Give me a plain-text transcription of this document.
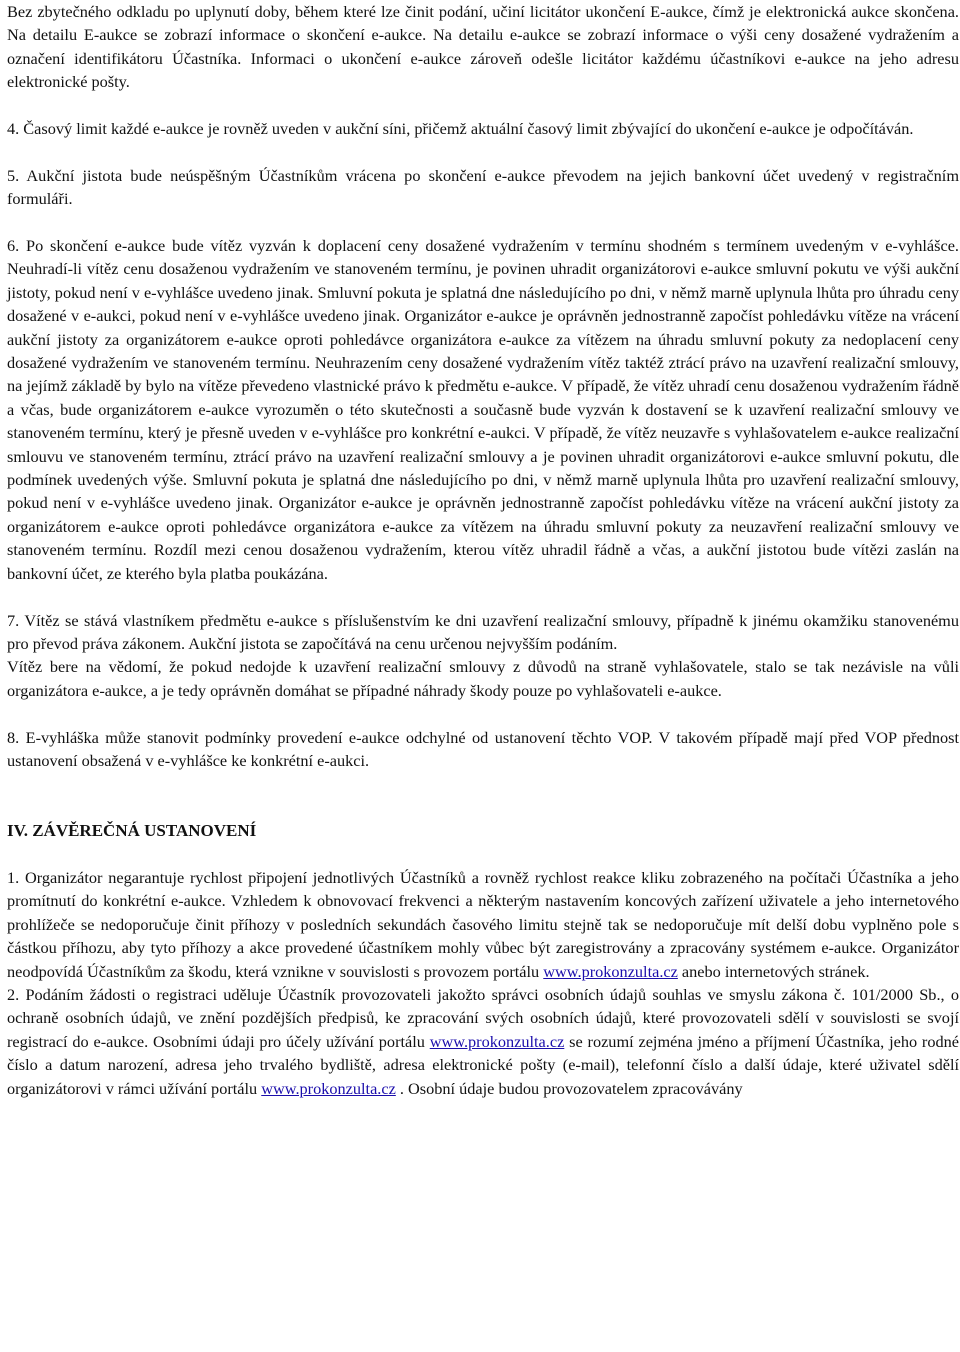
Bez zbytečného odkladu po uplynutí doby, během které lze činit podání, učiní licitátor ukončení E-aukce, čímž je elektronická aukce skončena. Na detailu E-aukce se zobrazí informace o skončení e-aukce. Na detailu e-aukce se zobrazí informace o výši ceny dosažené vydražením a označení identifikátoru Účastníka. Informaci o ukončení e-aukce zároveň odešle licitátor každému účastníkovi e-aukce na jeho adresu elektronické pošty.

4. Časový limit každé e-aukce je rovněž uveden v aukční síni, přičemž aktuální časový limit zbývající do ukončení e-aukce je odpočítáván.

5. Aukční jistota bude neúspěšným Účastníkům vrácena po skončení e-aukce převodem na jejich bankovní účet uvedený v registračním formuláři.

6. Po skončení e-aukce bude vítěz vyzván k doplacení ceny dosažené vydražením v termínu shodném s termínem uvedeným v e-vyhlášce. Neuhradí-li vítěz cenu dosaženou vydražením ve stanoveném termínu, je povinen uhradit organizátorovi e-aukce smluvní pokutu ve výši aukční jistoty, pokud není v e-vyhlášce uvedeno jinak. Smluvní pokuta je splatná dne následujícího po dni, v němž marně uplynula lhůta pro úhradu ceny dosažené v e-aukci, pokud není v e-vyhlášce uvedeno jinak. Organizátor e-aukce je oprávněn jednostranně započíst pohledávku vítěze na vrácení aukční jistoty za organizátorem e-aukce oproti pohledávce organizátora e-aukce za vítězem na úhradu smluvní pokuty za nedoplacení ceny dosažené vydražením ve stanoveném termínu. Neuhrazením ceny dosažené vydražením vítěz taktéž ztrácí právo na uzavření realizační smlouvy, na jejímž základě by bylo na vítěze převedeno vlastnické právo k předmětu e-aukce. V případě, že vítěz uhradí cenu dosaženou vydražením řádně a včas, bude organizátorem e-aukce vyrozuměn o této skutečnosti a současně bude vyzván k dostavení se k uzavření realizační smlouvy ve stanoveném termínu, který je přesně uveden v e-vyhlášce pro konkrétní e-aukci. V případě, že vítěz neuzavře s vyhlašovatelem e-aukce realizační smlouvu ve stanoveném termínu, ztrácí právo na uzavření realizační smlouvy a je povinen uhradit organizátorovi e-aukce smluvní pokutu, dle podmínek uvedených výše. Smluvní pokuta je splatná dne následujícího po dni, v němž marně uplynula lhůta pro uzavření realizační smlouvy, pokud není v e-vyhlášce uvedeno jinak. Organizátor e-aukce je oprávněn jednostranně započíst pohledávku vítěze na vrácení aukční jistoty za organizátorem e-aukce oproti pohledávce organizátora e-aukce za vítězem na úhradu smluvní pokuty za neuzavření realizační smlouvy ve stanoveném termínu. Rozdíl mezi cenou dosaženou vydražením, kterou vítěz uhradil řádně a včas, a aukční jistotou bude vítězi zaslán na bankovní účet, ze kterého byla platba poukázána.

7. Vítěz se stává vlastníkem předmětu e-aukce s příslušenstvím ke dni uzavření realizační smlouvy, případně k jinému okamžiku stanovenému pro převod práva zákonem. Aukční jistota se započítává na cenu určenou nejvyšším podáním.

Vítěz bere na vědomí, že pokud nedojde k uzavření realizační smlouvy z důvodů na straně vyhlašovatele, stalo se tak nezávisle na vůli organizátora e-aukce, a je tedy oprávněn domáhat se případné náhrady škody pouze po vyhlašovateli e-aukce.

8. E-vyhláška může stanovit podmínky provedení e-aukce odchylné od ustanovení těchto VOP. V takovém případě mají před VOP přednost ustanovení obsažená v e-vyhlášce ke konkrétní e-aukci.

IV. ZÁVĚREČNÁ USTANOVENÍ

1. Organizátor negarantuje rychlost připojení jednotlivých Účastníků a rovněž rychlost reakce kliku zobrazeného na počítači Účastníka a jeho promítnutí do konkrétní e-aukce. Vzhledem k obnovovací frekvenci a některým nastavením koncových zařízení uživatele a jeho internetového prohlížeče se nedoporučuje činit příhozy v posledních sekundách časového limitu stejně tak se nedoporučuje mít delší dobu vyplněno pole s částkou příhozu, aby tyto příhozy a akce provedené účastníkem mohly vůbec být zaregistrovány a zpracovány systémem e-aukce. Organizátor neodpovídá Účastníkům za škodu, která vznikne v souvislosti s provozem portálu www.prokonzulta.cz anebo internetových stránek.

2. Podáním žádosti o registraci uděluje Účastník provozovateli jakožto správci osobních údajů souhlas ve smyslu zákona č. 101/2000 Sb., o ochraně osobních údajů, ve znění pozdějších předpisů, ke zpracování svých osobních údajů, které provozovateli sdělí v souvislosti se svojí registrací do e-aukce. Osobními údaji pro účely užívání portálu www.prokonzulta.cz se rozumí zejména jméno a příjmení Účastníka, jeho rodné číslo a datum narození, adresa jeho trvalého bydliště, adresa elektronické pošty (e-mail), telefonní číslo a další údaje, které uživatel sdělí organizátorovi v rámci užívání portálu www.prokonzulta.cz . Osobní údaje budou provozovatelem zpracovávány
